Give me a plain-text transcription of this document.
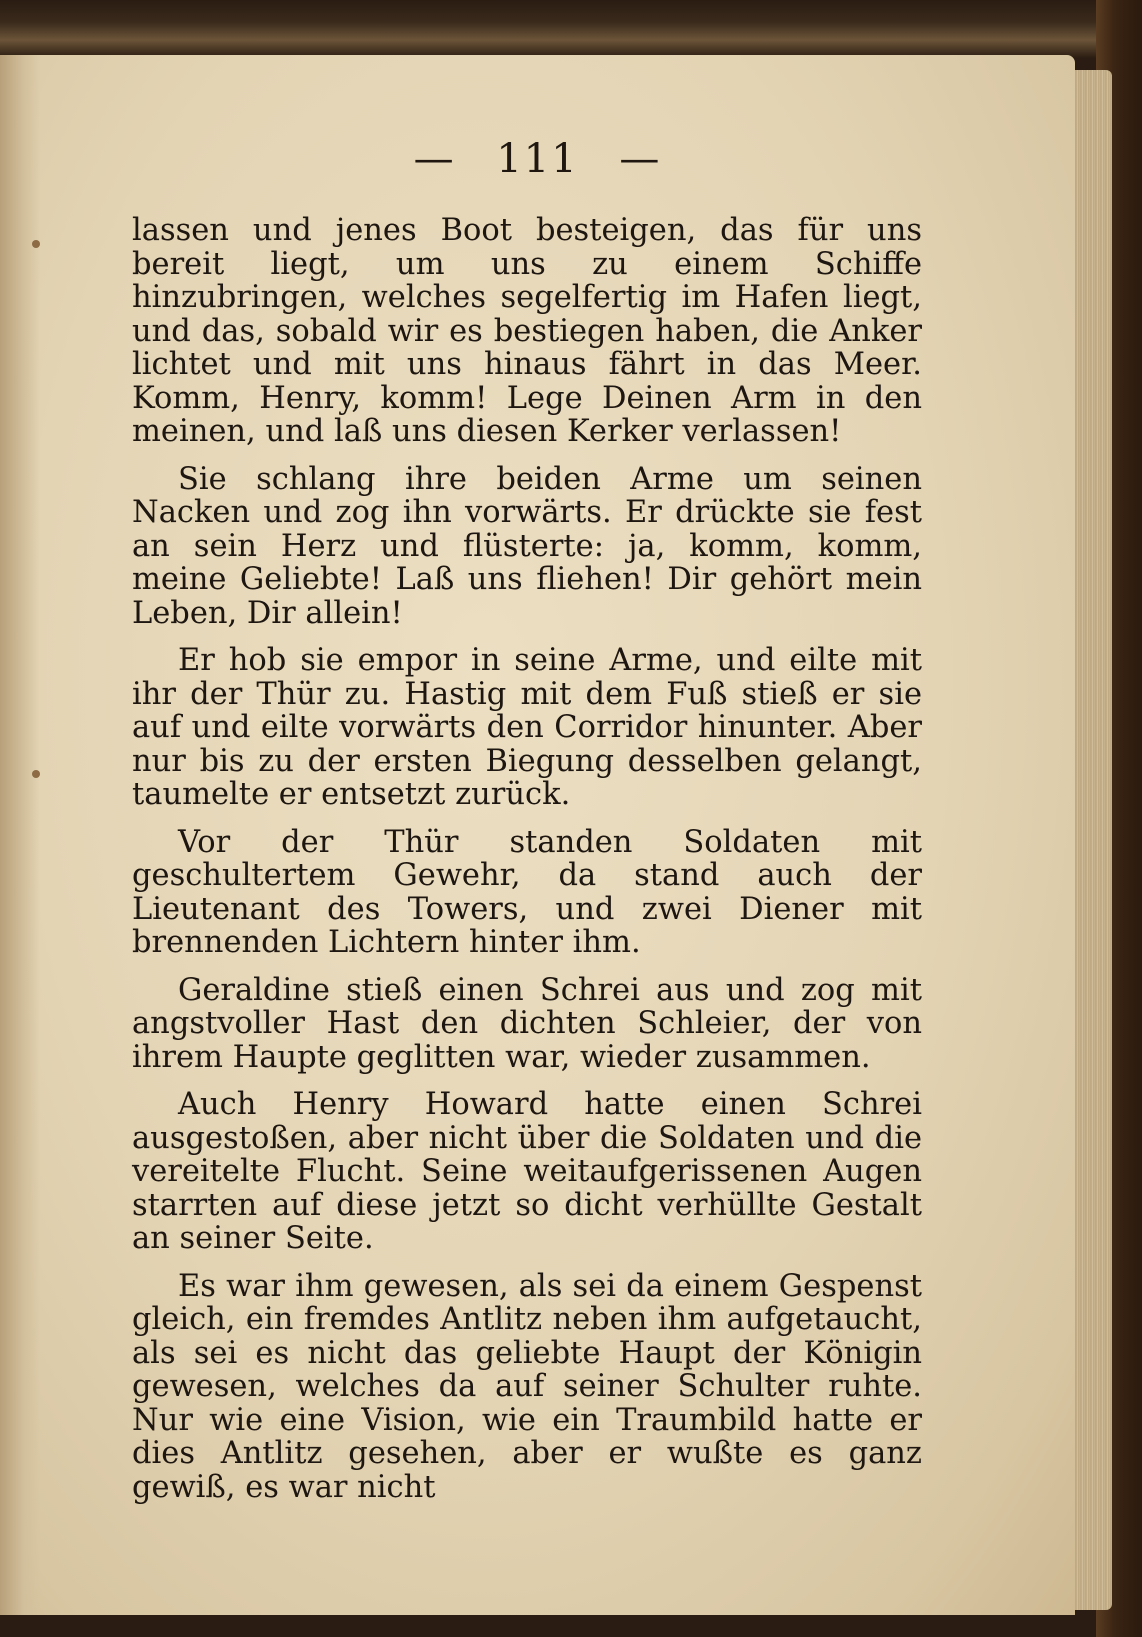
— 111 —

lassen und jenes Boot besteigen, das für uns bereit liegt, um uns zu einem Schiffe hinzubringen, welches segelfertig im Hafen liegt, und das, sobald wir es bestiegen haben, die Anker lichtet und mit uns hinaus fährt in das Meer. Komm, Henry, komm! Lege Deinen Arm in den meinen, und laß uns diesen Kerker verlassen!

Sie schlang ihre beiden Arme um seinen Nacken und zog ihn vorwärts. Er drückte sie fest an sein Herz und flüsterte: ja, komm, komm, meine Geliebte! Laß uns fliehen! Dir gehört mein Leben, Dir allein!

Er hob sie empor in seine Arme, und eilte mit ihr der Thür zu. Hastig mit dem Fuß stieß er sie auf und eilte vorwärts den Corridor hinunter. Aber nur bis zu der ersten Biegung desselben gelangt, taumelte er entsetzt zurück.

Vor der Thür standen Soldaten mit geschultertem Gewehr, da stand auch der Lieutenant des Towers, und zwei Diener mit brennenden Lichtern hinter ihm.

Geraldine stieß einen Schrei aus und zog mit angstvoller Hast den dichten Schleier, der von ihrem Haupte geglitten war, wieder zusammen.

Auch Henry Howard hatte einen Schrei ausgestoßen, aber nicht über die Soldaten und die vereitelte Flucht. Seine weitaufgerissenen Augen starrten auf diese jetzt so dicht verhüllte Gestalt an seiner Seite.

Es war ihm gewesen, als sei da einem Gespenst gleich, ein fremdes Antlitz neben ihm aufgetaucht, als sei es nicht das geliebte Haupt der Königin gewesen, welches da auf seiner Schulter ruhte. Nur wie eine Vision, wie ein Traumbild hatte er dies Antlitz gesehen, aber er wußte es ganz gewiß, es war nicht
